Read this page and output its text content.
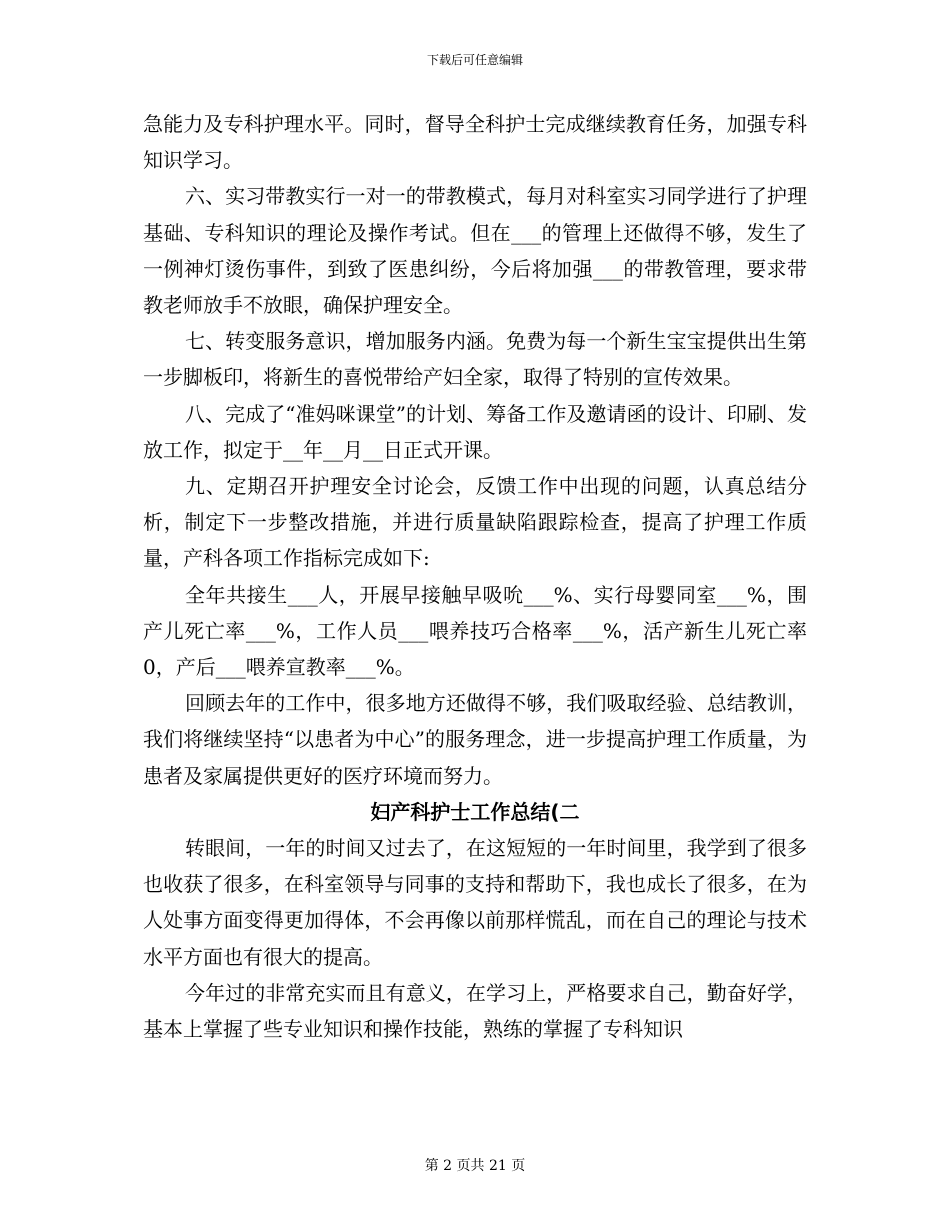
下载后可任意编辑

急能力及专科护理水平。同时，督导全科护士完成继续教育任务，加强专科知识学习。

六、实习带教实行一对一的带教模式，每月对科室实习同学进行了护理基础、专科知识的理论及操作考试。但在___的管理上还做得不够，发生了一例神灯烫伤事件，到致了医患纠纷，今后将加强___的带教管理，要求带教老师放手不放眼，确保护理安全。

七、转变服务意识，增加服务内涵。免费为每一个新生宝宝提供出生第一步脚板印，将新生的喜悦带给产妇全家，取得了特别的宣传效果。

八、完成了“准妈咪课堂”的计划、筹备工作及邀请函的设计、印刷、发放工作，拟定于__年__月__日正式开课。

九、定期召开护理安全讨论会，反馈工作中出现的问题，认真总结分析，制定下一步整改措施，并进行质量缺陷跟踪检查，提高了护理工作质量，产科各项工作指标完成如下:

全年共接生___人，开展早接触早吸吮___%、实行母婴同室___%，围产儿死亡率___%，工作人员___喂养技巧合格率___%，活产新生儿死亡率0，产后___喂养宣教率___%。

回顾去年的工作中，很多地方还做得不够，我们吸取经验、总结教训，我们将继续坚持“以患者为中心”的服务理念，进一步提高护理工作质量，为患者及家属提供更好的医疗环境而努力。

妇产科护士工作总结(二

转眼间，一年的时间又过去了，在这短短的一年时间里，我学到了很多也收获了很多，在科室领导与同事的支持和帮助下，我也成长了很多，在为人处事方面变得更加得体，不会再像以前那样慌乱，而在自己的理论与技术水平方面也有很大的提高。

今年过的非常充实而且有意义，在学习上，严格要求自己，勤奋好学，基本上掌握了些专业知识和操作技能，熟练的掌握了专科知识

第 2 页共 21 页
